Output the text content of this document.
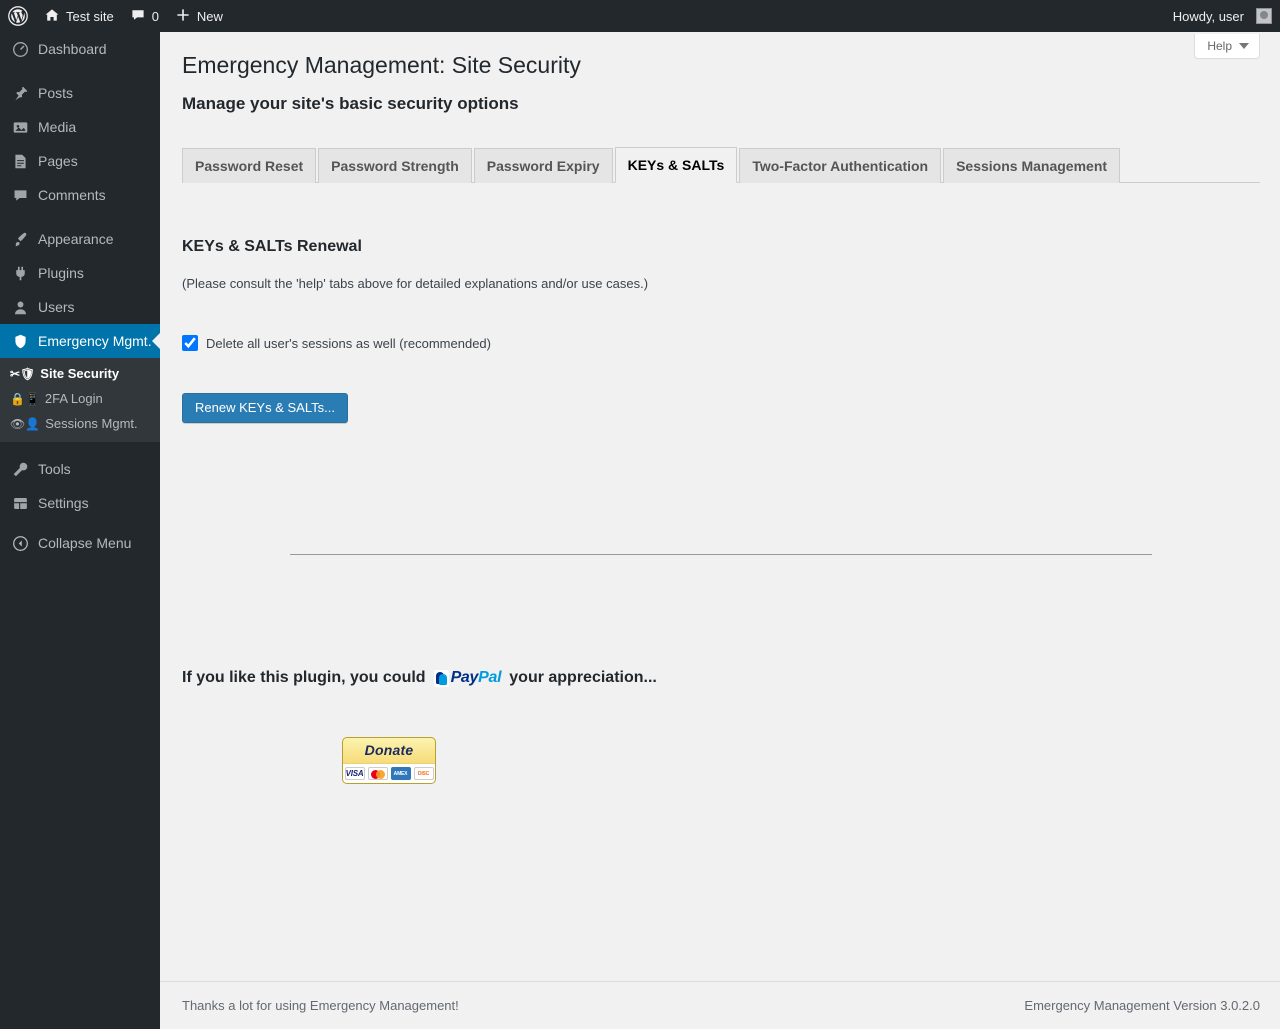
Test site	0	New	Howdy, user
Dashboard
Posts
Media
Pages
Comments
Appearance
Plugins
Users
Emergency Mgmt.
✂🛡 Site Security
🔒📱 2FA Login
👁👤 Sessions Mgmt.
Tools
Settings
Collapse Menu
Help
Emergency Management: Site Security
Manage your site's basic security options
Password Reset	Password Strength	Password Expiry	KEYs & SALTs	Two-Factor Authentication	Sessions Management
KEYs & SALTs Renewal

(Please consult the 'help' tabs above for detailed explanations and/or use cases.)

Delete all user's sessions as well (recommended)
Renew KEYs & SALTs...
If you like this plugin, you could PayPal your appreciation...
Donate
VISA	AMEX	DISC
Thanks a lot for using Emergency Management!	Emergency Management Version 3.0.2.0
